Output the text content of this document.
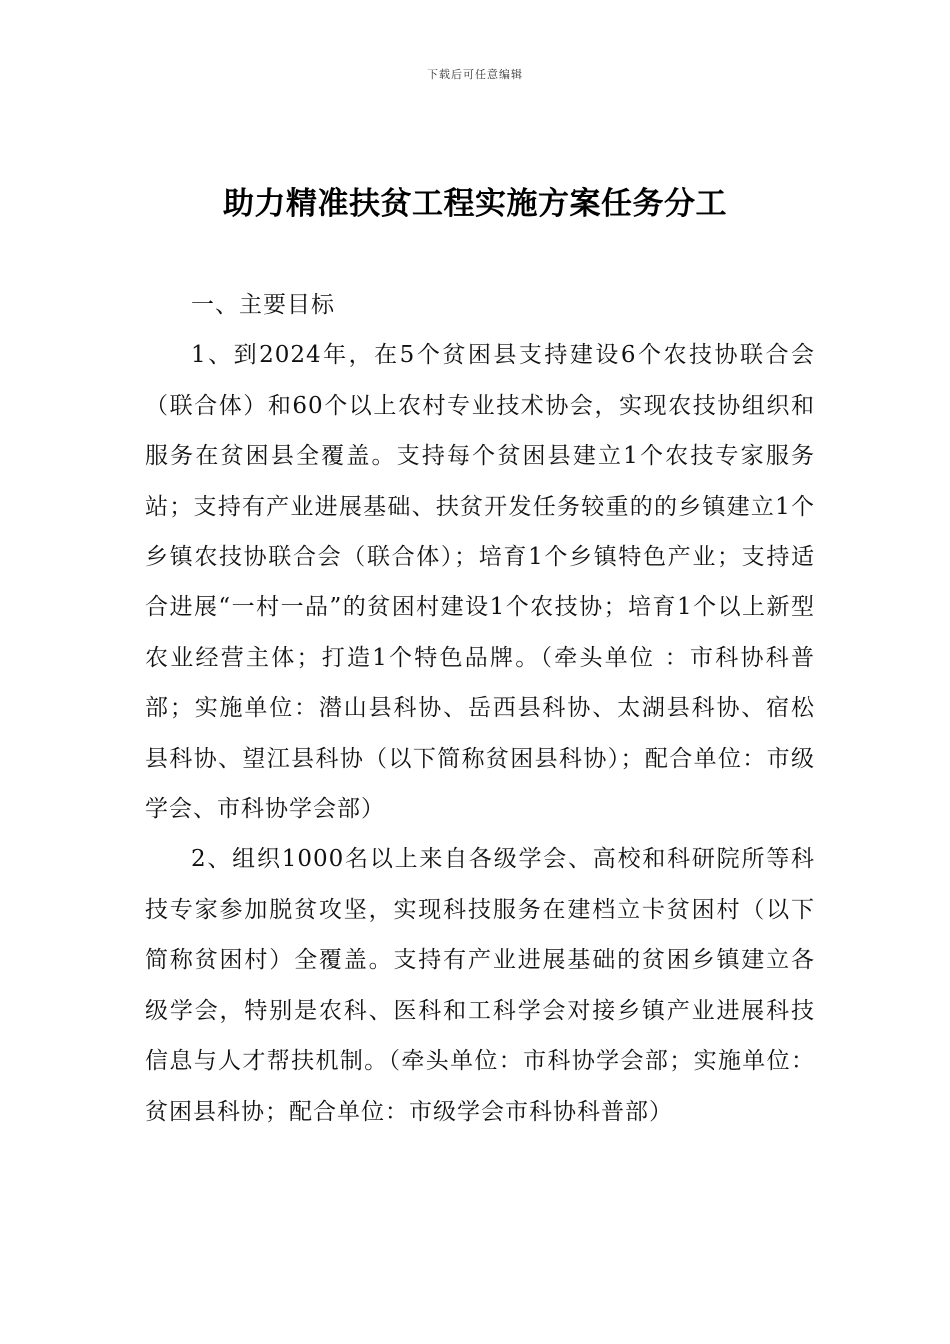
下载后可任意编辑
助力精准扶贫工程实施方案任务分工

一、主要目标

1、到2024年，在5个贫困县支持建设6个农技协联合会（联合体）和60个以上农村专业技术协会，实现农技协组织和服务在贫困县全覆盖。支持每个贫困县建立1个农技专家服务站；支持有产业进展基础、扶贫开发任务较重的的乡镇建立1个乡镇农技协联合会（联合体）；培育1个乡镇特色产业；支持适合进展“一村一品”的贫困村建设1个农技协；培育1个以上新型农业经营主体；打造1个特色品牌。（牵头单位 ：市科协科普部；实施单位：潜山县科协、岳西县科协、太湖县科协、宿松县科协、望江县科协（以下简称贫困县科协）；配合单位：市级学会、市科协学会部）

2、组织1000名以上来自各级学会、高校和科研院所等科技专家参加脱贫攻坚，实现科技服务在建档立卡贫困村（以下简称贫困村）全覆盖。支持有产业进展基础的贫困乡镇建立各级学会，特别是农科、医科和工科学会对接乡镇产业进展科技信息与人才帮扶机制。（牵头单位：市科协学会部；实施单位：贫困县科协；配合单位：市级学会市科协科普部）
